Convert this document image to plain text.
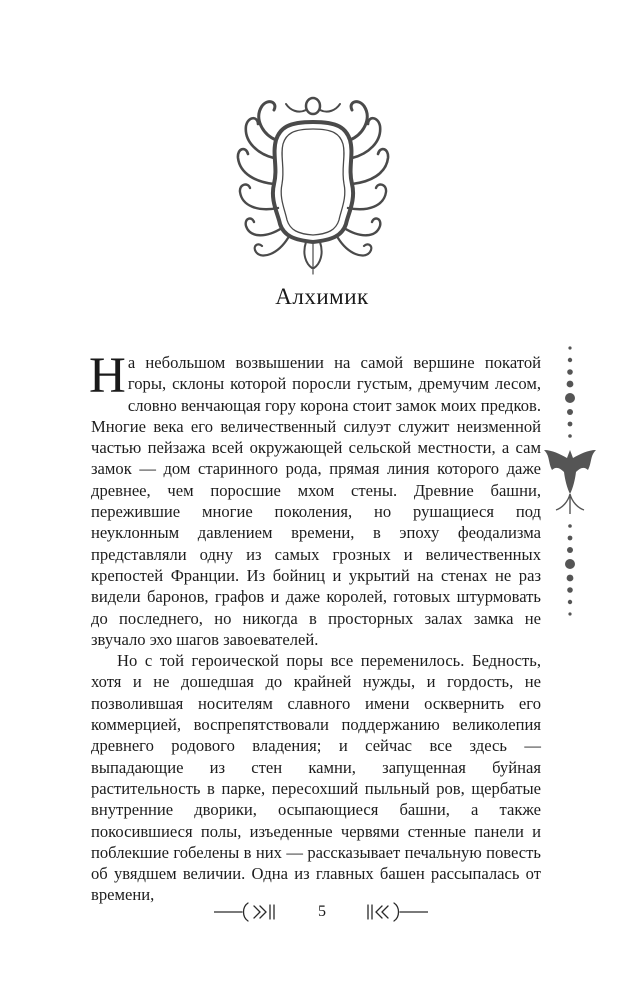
Алхимик

На небольшом возвышении на самой вершине покатой горы, склоны которой поросли густым, дремучим лесом, словно венчающая гору корона стоит замок моих предков. Многие века его величественный силуэт служит неизменной частью пейзажа всей окружающей сельской местности, а сам замок — дом старинного рода, прямая линия которого даже древнее, чем поросшие мхом стены. Древние башни, пережившие многие поколения, но рушащиеся под неуклонным давлением времени, в эпоху феодализма представляли одну из самых грозных и величественных крепостей Франции. Из бойниц и укрытий на стенах не раз видели баронов, графов и даже королей, готовых штурмовать до последнего, но никогда в просторных залах замка не звучало эхо шагов завоевателей.

Но с той героической поры все переменилось. Бедность, хотя и не дошедшая до крайней нужды, и гордость, не позволившая носителям славного имени осквернить его коммерцией, воспрепятствовали поддержанию великолепия древнего родового владения; и сейчас все здесь — выпадающие из стен камни, запущенная буйная растительность в парке, пересохший пыльный ров, щербатые внутренние дворики, осыпающиеся башни, а также покосившиеся полы, изъеденные червями стенные панели и поблекшие гобелены в них — рассказывает печальную повесть об увядшем величии. Одна из главных башен рассыпалась от времени,

5
